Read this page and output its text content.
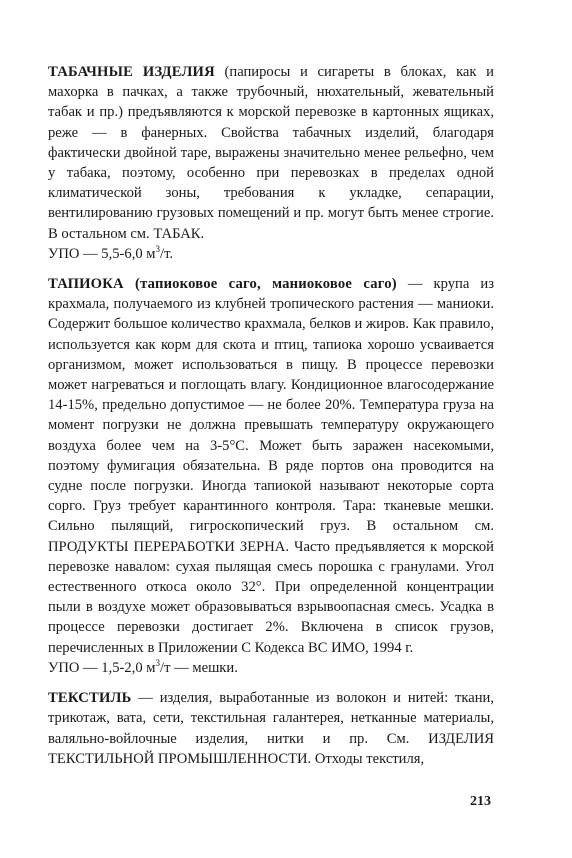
ТАБАЧНЫЕ ИЗДЕЛИЯ (папиросы и сигареты в блоках, как и махорка в пачках, а также трубочный, нюхательный, жевательный табак и пр.) предъявляются к морской перевозке в картонных ящиках, реже — в фанерных. Свойства табачных изделий, благодаря фактически двойной таре, выражены значительно менее рельефно, чем у табака, поэтому, особенно при перевозках в пределах одной климатической зоны, требования к укладке, сепарации, вентилированию грузовых помещений и пр. могут быть менее строгие. В остальном см. ТАБАК.

УПО — 5,5-6,0 $м^3/т$.

ТАПИОКА (тапиоковое саго, маниоковое саго) — крупа из крахмала, получаемого из клубней тропического растения — маниоки. Содержит большое количество крахмала, белков и жиров. Как правило, используется как корм для скота и птиц, тапиока хорошо усваивается организмом, может использоваться в пищу. В процессе перевозки может нагреваться и поглощать влагу. Кондиционное влагосодержание 14-15%, предельно допустимое — не более 20%. Температура груза на момент погрузки не должна превышать температуру окружающего воздуха более чем на 3-5°С. Может быть заражен насекомыми, поэтому фумигация обязательна. В ряде портов она проводится на судне после погрузки. Иногда тапиокой называют некоторые сорта сорго. Груз требует карантинного контроля. Тара: тканевые мешки. Сильно пылящий, гигроскопический груз. В остальном см. ПРОДУКТЫ ПЕРЕРАБОТКИ ЗЕРНА. Часто предъявляется к морской перевозке навалом: сухая пылящая смесь порошка с гранулами. Угол естественного откоса около 32°. При определенной концентрации пыли в воздухе может образовываться взрывоопасная смесь. Усадка в процессе перевозки достигает 2%. Включена в список грузов, перечисленных в Приложении С Кодекса ВС ИМО, 1994 г.

УПО — 1,5-2,0 $м^3/т$ — мешки.

ТЕКСТИЛЬ — изделия, выработанные из волокон и нитей: ткани, трикотаж, вата, сети, текстильная галантерея, нетканные материалы, валяльно-войлочные изделия, нитки и пр. См. ИЗДЕЛИЯ ТЕКСТИЛЬНОЙ ПРОМЫШЛЕННОСТИ. Отходы текстиля,

213
